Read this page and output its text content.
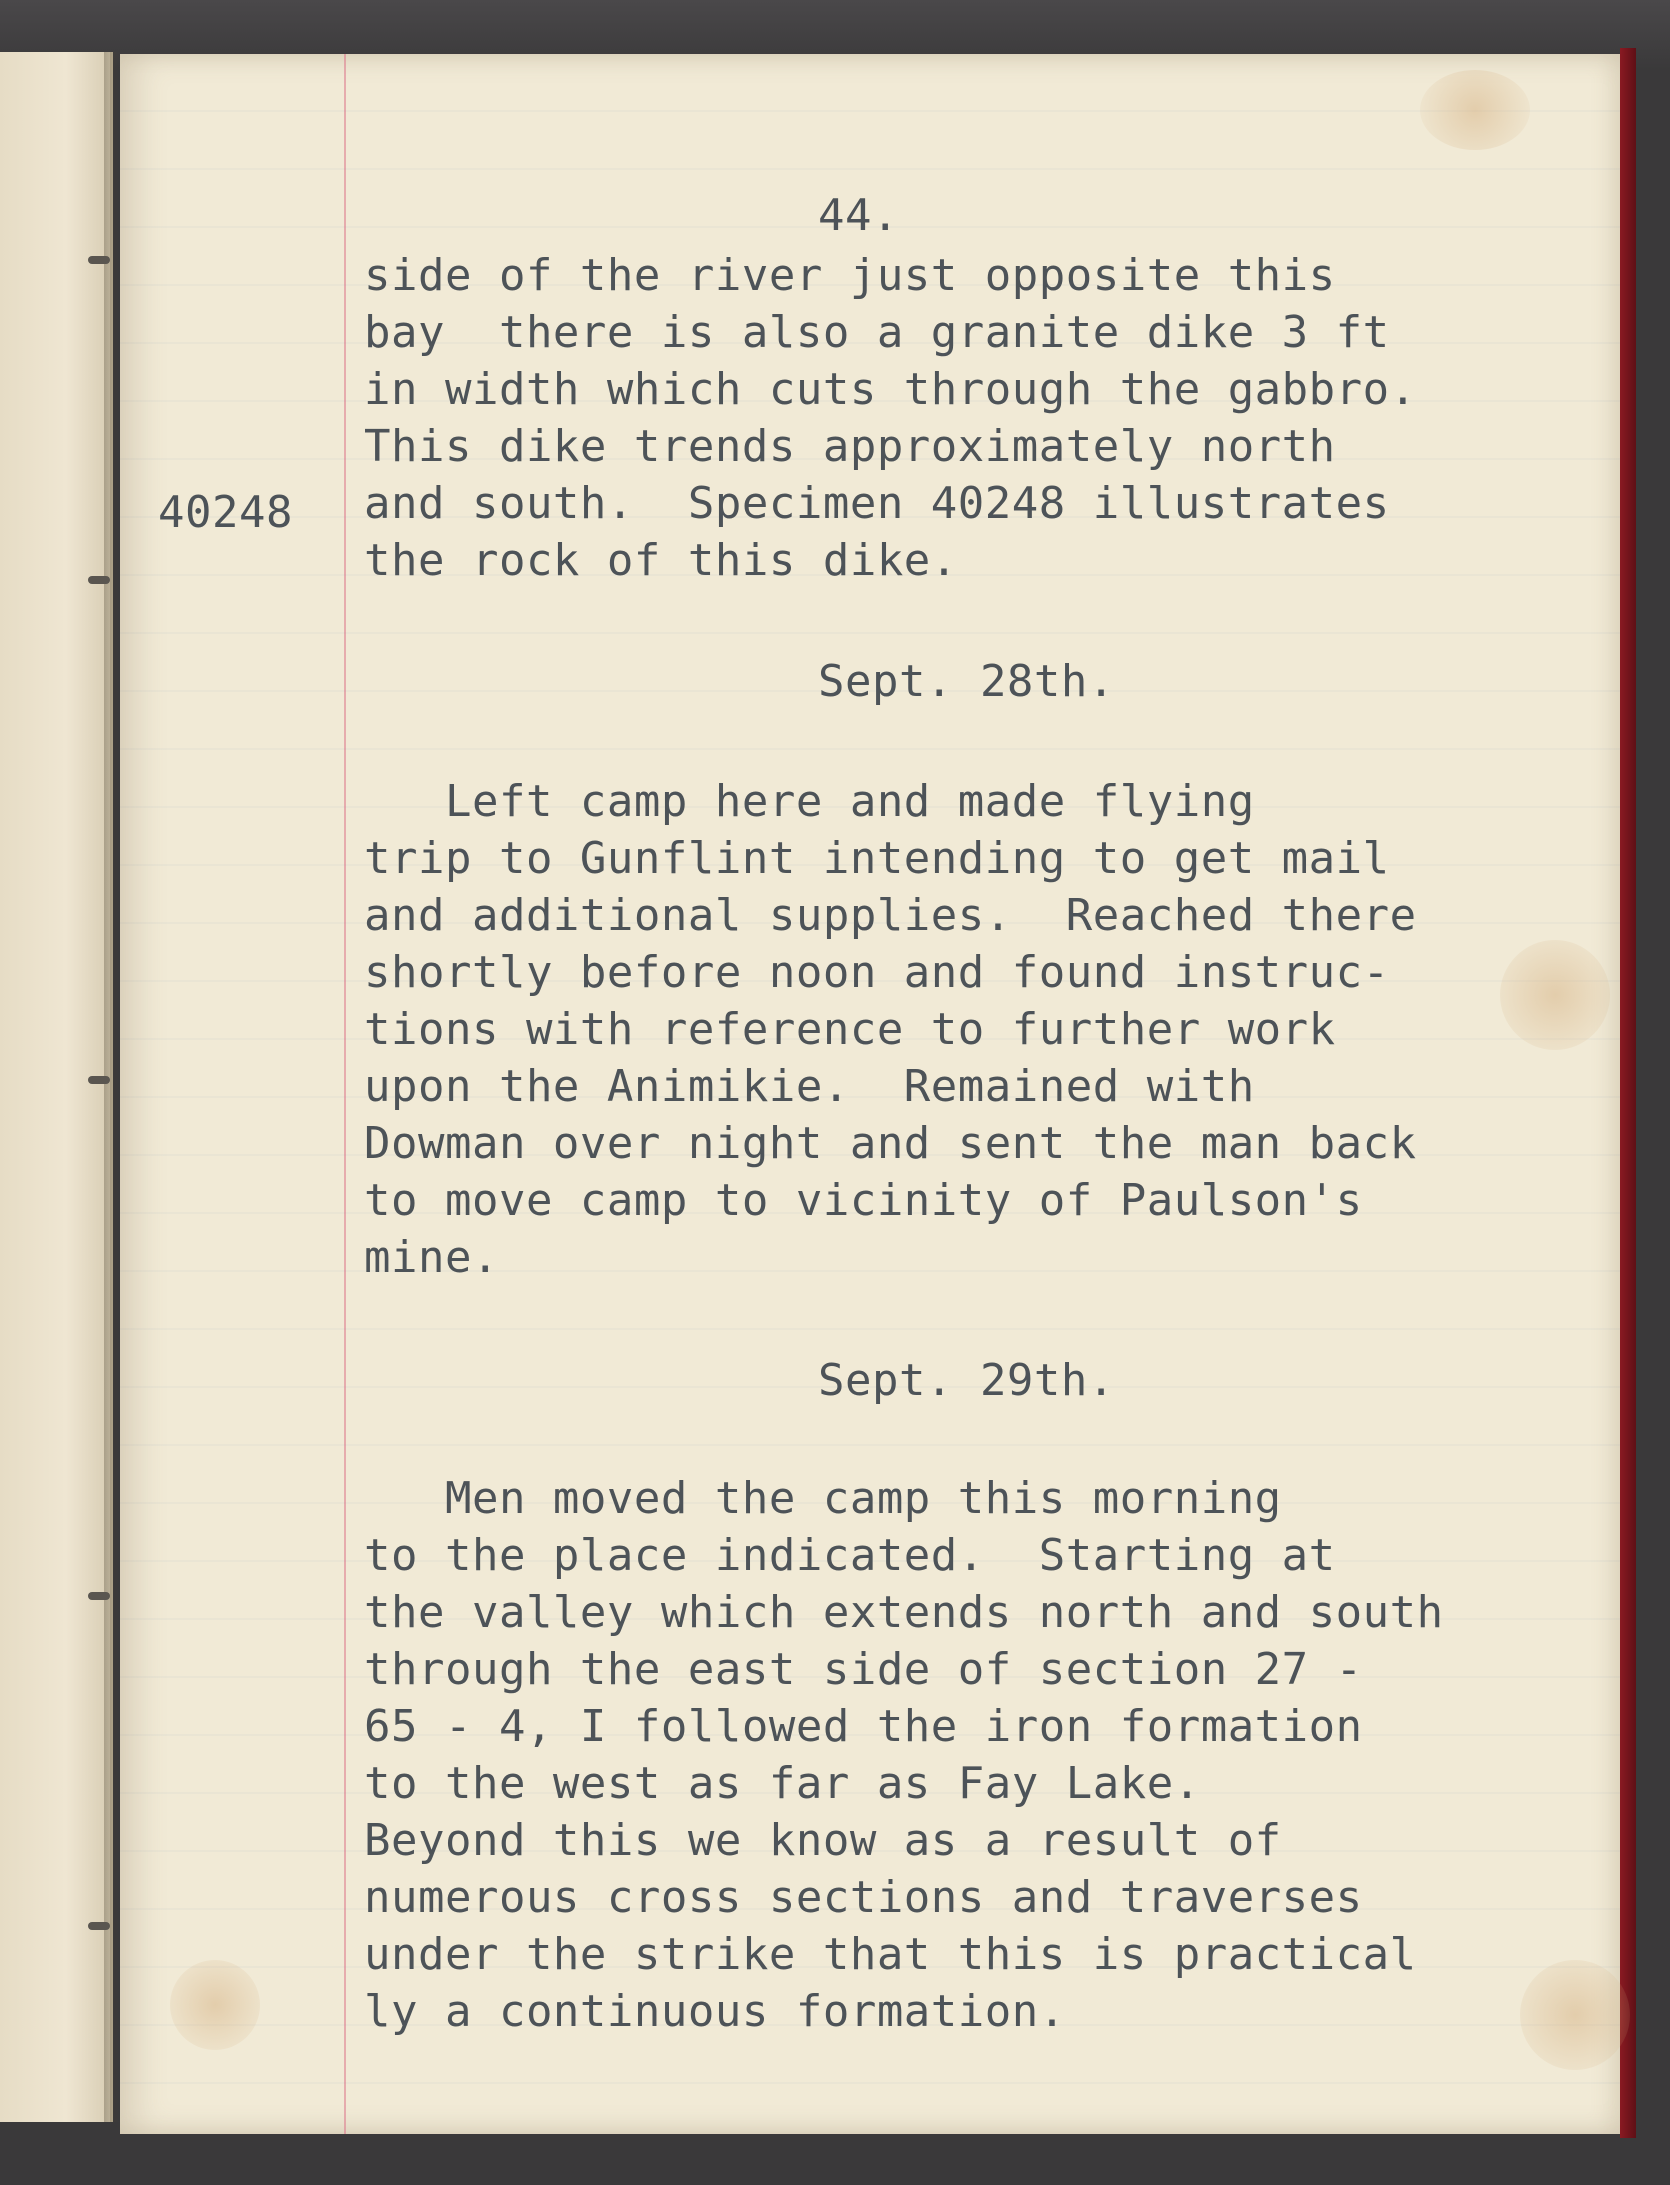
44.
40248
side of the river just opposite this
bay  there is also a granite dike 3 ft
in width which cuts through the gabbro.
This dike trends approximately north
and south.  Specimen 40248 illustrates
the rock of this dike.
Sept. 28th.
Left camp here and made flying
trip to Gunflint intending to get mail
and additional supplies.  Reached there
shortly before noon and found instruc-
tions with reference to further work
upon the Animikie.  Remained with
Dowman over night and sent the man back
to move camp to vicinity of Paulson's
mine.
Sept. 29th.
Men moved the camp this morning
to the place indicated.  Starting at
the valley which extends north and south
through the east side of section 27 -
65 - 4, I followed the iron formation
to the west as far as Fay Lake.
Beyond this we know as a result of
numerous cross sections and traverses
under the strike that this is practical
ly a continuous formation.
